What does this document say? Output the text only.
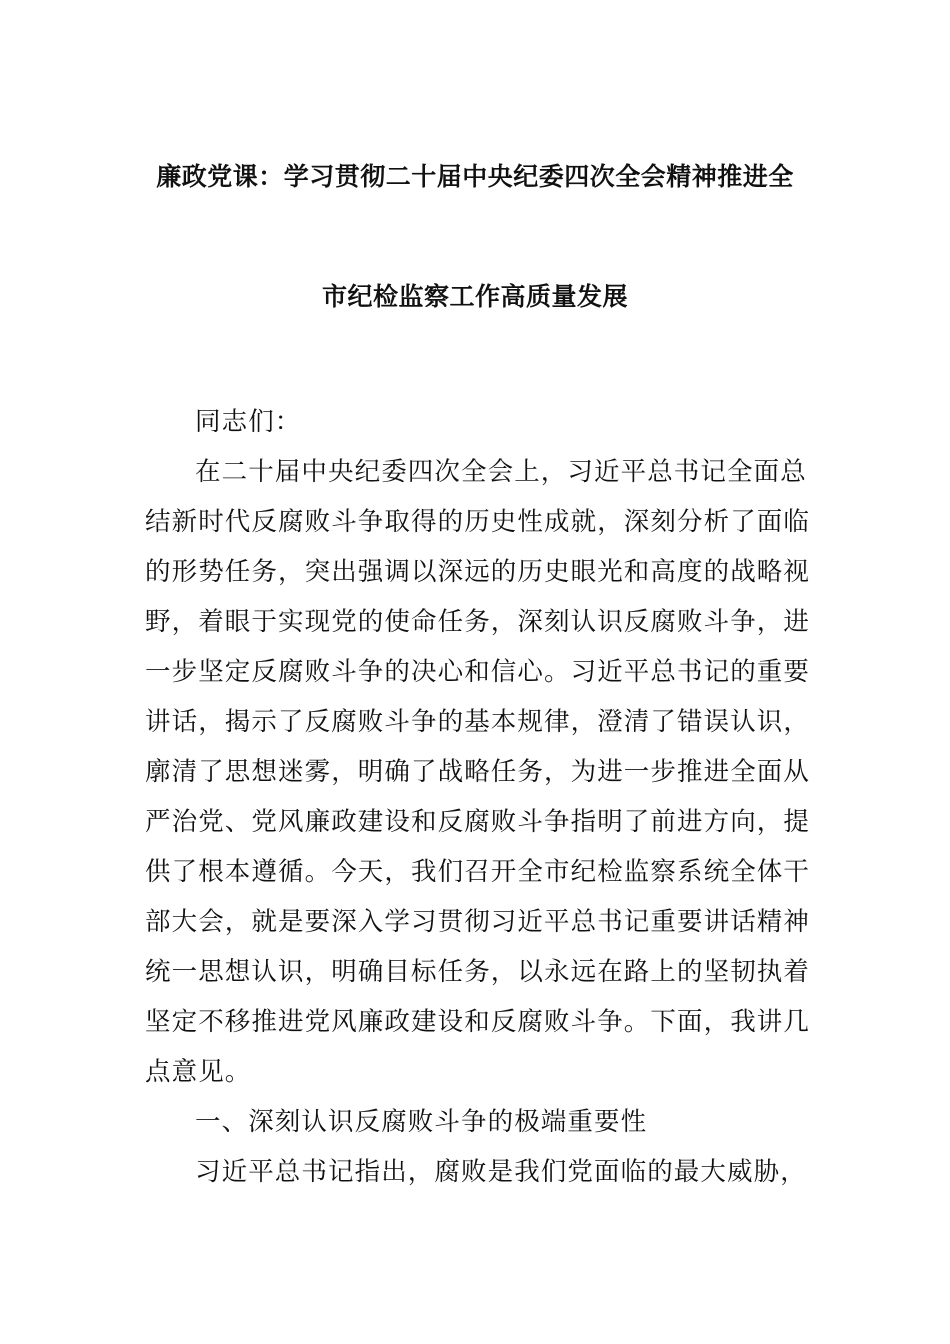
廉政党课：学习贯彻二十届中央纪委四次全会精神推进全
市纪检监察工作高质量发展
同志们：
在二十届中央纪委四次全会上，习近平总书记全面总
结新时代反腐败斗争取得的历史性成就，深刻分析了面临
的形势任务，突出强调以深远的历史眼光和高度的战略视
野，着眼于实现党的使命任务，深刻认识反腐败斗争，进
一步坚定反腐败斗争的决心和信心。习近平总书记的重要
讲话，揭示了反腐败斗争的基本规律，澄清了错误认识，
廓清了思想迷雾，明确了战略任务，为进一步推进全面从
严治党、党风廉政建设和反腐败斗争指明了前进方向，提
供了根本遵循。今天，我们召开全市纪检监察系统全体干
部大会，就是要深入学习贯彻习近平总书记重要讲话精神
统一思想认识，明确目标任务，以永远在路上的坚韧执着
坚定不移推进党风廉政建设和反腐败斗争。下面，我讲几
点意见。
一、深刻认识反腐败斗争的极端重要性
习近平总书记指出，腐败是我们党面临的最大威胁，
